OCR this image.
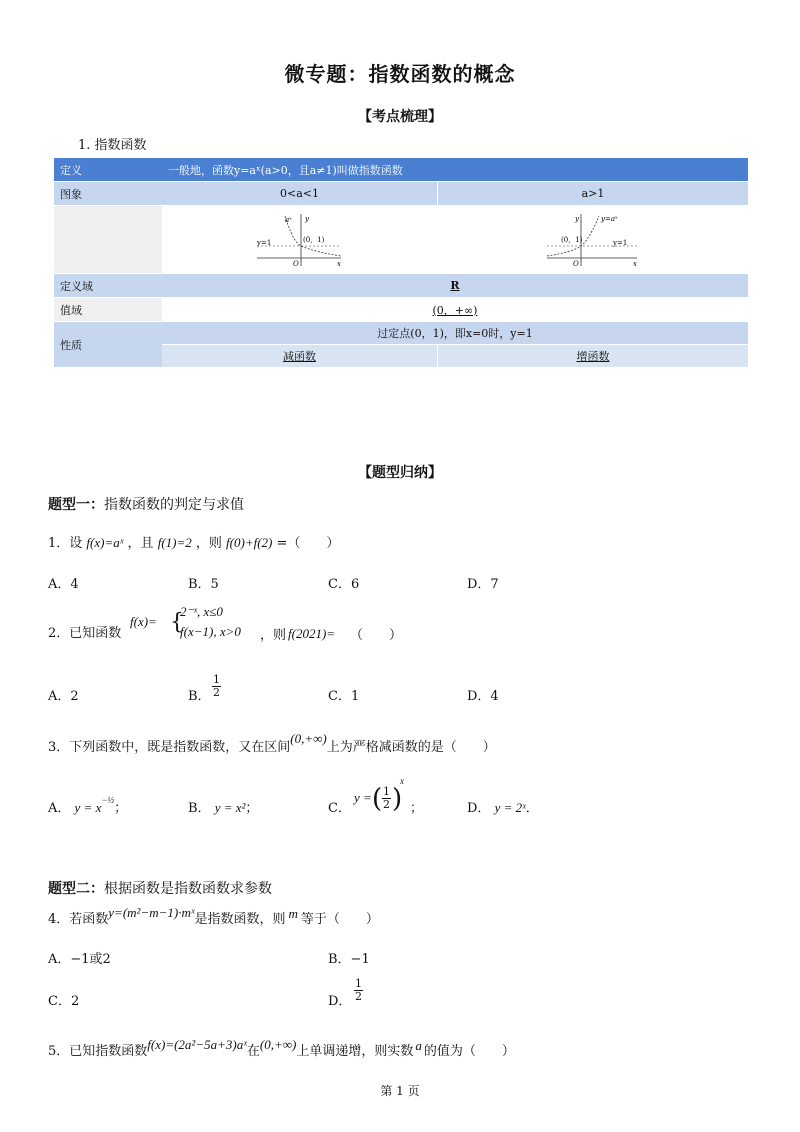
微专题：指数函数的概念
【考点梳理】
1. 指数函数
定义	一般地，函数y=aˣ(a>0，且a≠1)叫做指数函数
图象	0<a<1	a>1
y
aˣ
(0，1)
y=1
O	x
y	y=aˣ
(0，1)	y=1
O	x
定义域	R
值域	(0，+∞)
性质
过定点(0，1)，即x=0时，y=1
减函数	增函数
【题型归纳】
题型一：指数函数的判定与求值
1．设 f(x)=aˣ ，且 f(1)=2 ，则 f(0)+f(2) =（　　）
A．4	B．5	C．6	D．7
2．已知函数
f(x)= {
2⁻ˣ, x≤0
f(x−1), x>0 ，则 f(2021)= （　　）
A．2	B． $\frac{1}{2}$	C．1	D．4
3．下列函数中，既是指数函数，又在区间(0,+∞)上为严格减函数的是（　　）
A． $y = x^{-\frac{1}{2}}$；	B． y = x²；	C．
y = ( $\frac{1}{2}$ )
x
；	D． y = 2ˣ．
题型二：根据函数是指数函数求参数
4．若函数y=(m²−m−1)·mˣ是指数函数，则 m 等于（　　）
A．−1或2	B．−1
C．2	D． $\frac{1}{2}$
5．已知指数函数f(x)=(2a²−5a+3)aˣ在(0,+∞)上单调递增，则实数 a 的值为（　　）
第 1 页
